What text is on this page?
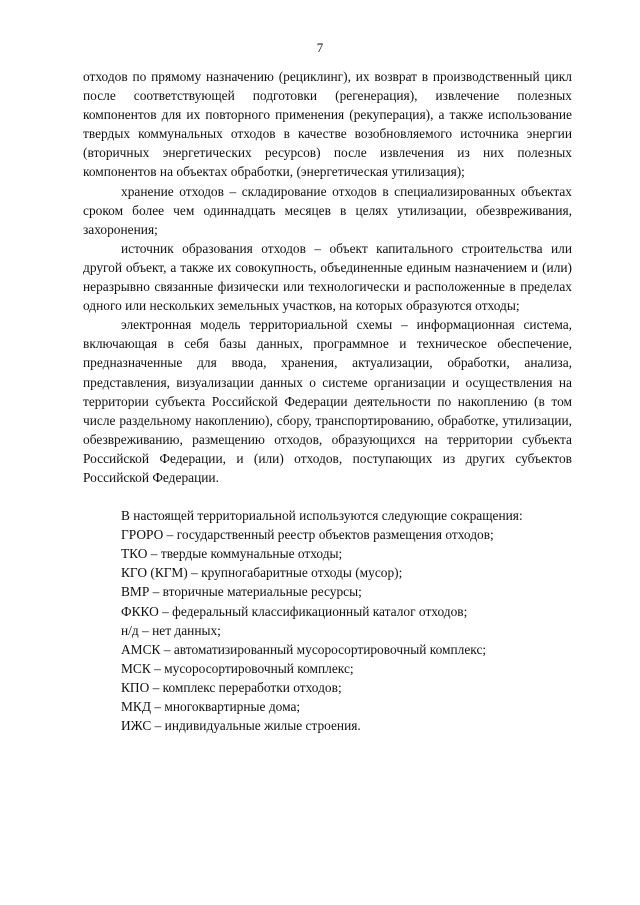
7

отходов по прямому назначению (рециклинг), их возврат в производственный цикл после соответствующей подготовки (регенерация), извлечение полезных компонентов для их повторного применения (рекуперация), а также использование твердых коммунальных отходов в качестве возобновляемого источника энергии (вторичных энергетических ресурсов) после извлечения из них полезных компонентов на объектах обработки, (энергетическая утилизация);

хранение отходов – складирование отходов в специализированных объектах сроком более чем одиннадцать месяцев в целях утилизации, обезвреживания, захоронения;

источник образования отходов – объект капитального строительства или другой объект, а также их совокупность, объединенные единым назначением и (или) неразрывно связанные физически или технологически и расположенные в пределах одного или нескольких земельных участков, на которых образуются отходы;

электронная модель территориальной схемы – информационная система, включающая в себя базы данных, программное и техническое обеспечение, предназначенные для ввода, хранения, актуализации, обработки, анализа, представления, визуализации данных о системе организации и осуществления на территории субъекта Российской Федерации деятельности по накоплению (в том числе раздельному накоплению), сбору, транспортированию, обработке, утилизации, обезвреживанию, размещению отходов, образующихся на территории субъекта Российской Федерации, и (или) отходов, поступающих из других субъектов Российской Федерации.

В настоящей территориальной используются следующие сокращения:

ГРОРО – государственный реестр объектов размещения отходов;
ТКО – твердые коммунальные отходы;
КГО (КГМ) – крупногабаритные отходы (мусор);
ВМР – вторичные материальные ресурсы;
ФККО – федеральный классификационный каталог отходов;
н/д – нет данных;
АМСК – автоматизированный мусоросортировочный комплекс;
МСК – мусоросортировочный комплекс;
КПО – комплекс переработки отходов;
МКД – многоквартирные дома;
ИЖС – индивидуальные жилые строения.
